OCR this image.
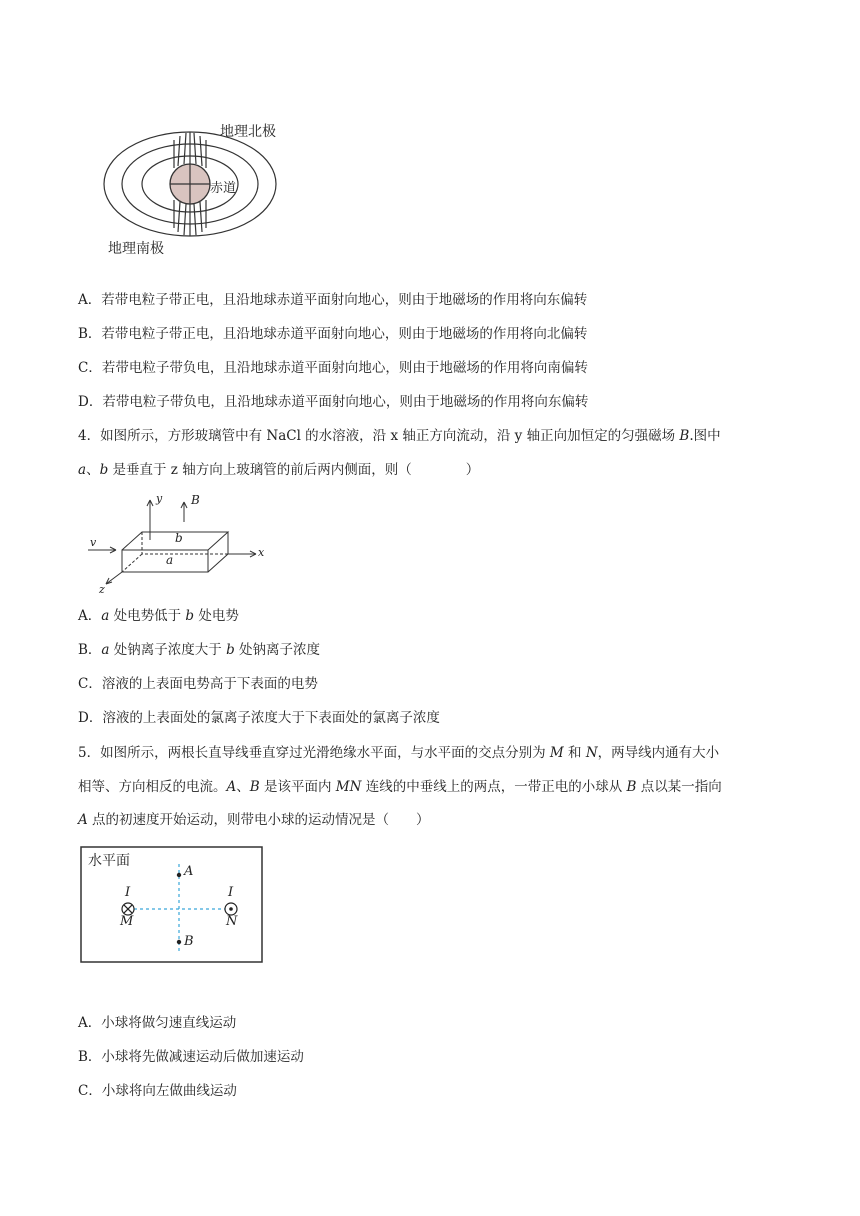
地理北极
地理南极
赤道
A．若带电粒子带正电，且沿地球赤道平面射向地心，则由于地磁场的作用将向东偏转
B．若带电粒子带正电，且沿地球赤道平面射向地心，则由于地磁场的作用将向北偏转
C．若带电粒子带负电，且沿地球赤道平面射向地心，则由于地磁场的作用将向南偏转
D．若带电粒子带负电，且沿地球赤道平面射向地心，则由于地磁场的作用将向东偏转
4．如图所示，方形玻璃管中有 NaCl 的水溶液，沿 x 轴正方向流动，沿 y 轴正向加恒定的匀强磁场 B.图中
a、b 是垂直于 z 轴方向上玻璃管的前后两内侧面，则（　　　　）
y B
v	b
a
x
z
A．a 处电势低于 b 处电势
B．a 处钠离子浓度大于 b 处钠离子浓度
C．溶液的上表面电势高于下表面的电势
D．溶液的上表面处的氯离子浓度大于下表面处的氯离子浓度
5．如图所示，两根长直导线垂直穿过光滑绝缘水平面，与水平面的交点分别为 M 和 N，两导线内通有大小
相等、方向相反的电流。A、B 是该平面内 MN 连线的中垂线上的两点，一带正电的小球从 B 点以某一指向
A 点的初速度开始运动，则带电小球的运动情况是（　　）
水平面
A
B
I	I
M	N
A．小球将做匀速直线运动
B．小球将先做减速运动后做加速运动
C．小球将向左做曲线运动
